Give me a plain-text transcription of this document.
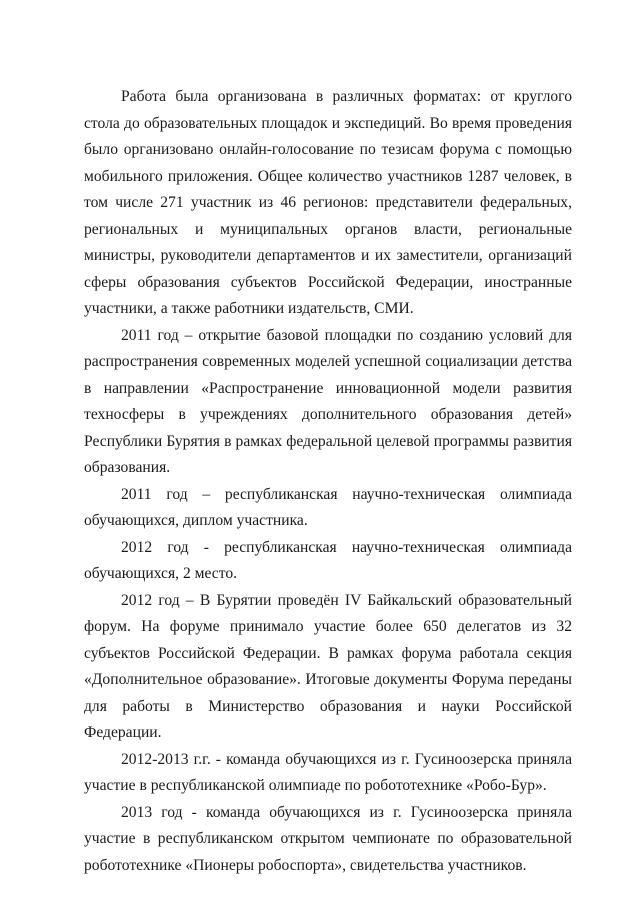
Работа была организована в различных форматах: от круглого стола до образовательных площадок и экспедиций. Во время проведения было организовано онлайн-голосование по тезисам форума с помощью мобильного приложения. Общее количество участников 1287 человек, в том числе 271 участник из 46 регионов: представители федеральных, региональных и муниципальных органов власти, региональные министры, руководители департаментов и их заместители, организаций сферы образования субъектов Российской Федерации, иностранные участники, а также работники издательств, СМИ.

2011 год – открытие базовой площадки по созданию условий для распространения современных моделей успешной социализации детства в направлении «Распространение инновационной модели развития техносферы в учреждениях дополнительного образования детей» Республики Бурятия в рамках федеральной целевой программы развития образования.

2011 год – республиканская научно-техническая олимпиада обучающихся, диплом участника.

2012 год - республиканская научно-техническая олимпиада обучающихся, 2 место.

2012 год – В Бурятии проведён IV Байкальский образовательный форум. На форуме принимало участие более 650 делегатов из 32 субъектов Российской Федерации. В рамках форума работала секция «Дополнительное образование». Итоговые документы Форума переданы для работы в Министерство образования и науки Российской Федерации.

2012-2013 г.г. - команда обучающихся из г. Гусиноозерска приняла участие в республиканской олимпиаде по робототехнике «Робо-Бур».

2013 год - команда обучающихся из г. Гусиноозерска приняла участие в республиканском открытом чемпионате по образовательной робототехнике «Пионеры робоспорта», свидетельства участников.
